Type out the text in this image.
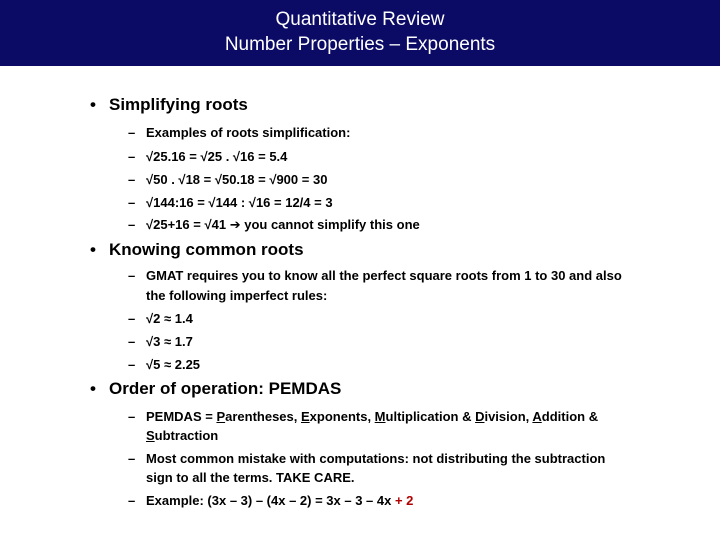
Quantitative Review
Number Properties – Exponents
• Simplifying roots
– Examples of roots simplification:
– √25.16 = √25 . √16 = 5.4
– √50 . √18 = √50.18 = √900 = 30
– √144:16 = √144 : √16 = 12/4 = 3
– √25+16 = √41 ➔ you cannot simplify this one
• Knowing common roots
– GMAT requires you to know all the perfect square roots from 1 to 30 and also
the following imperfect rules:
– √2 ≈ 1.4
– √3 ≈ 1.7
– √5 ≈ 2.25
• Order of operation: PEMDAS
– PEMDAS = Parentheses, Exponents, Multiplication & Division, Addition &
Subtraction
– Most common mistake with computations: not distributing the subtraction
sign to all the terms. TAKE CARE.
– Example: (3x – 3) – (4x – 2) = 3x – 3 – 4x + 2
